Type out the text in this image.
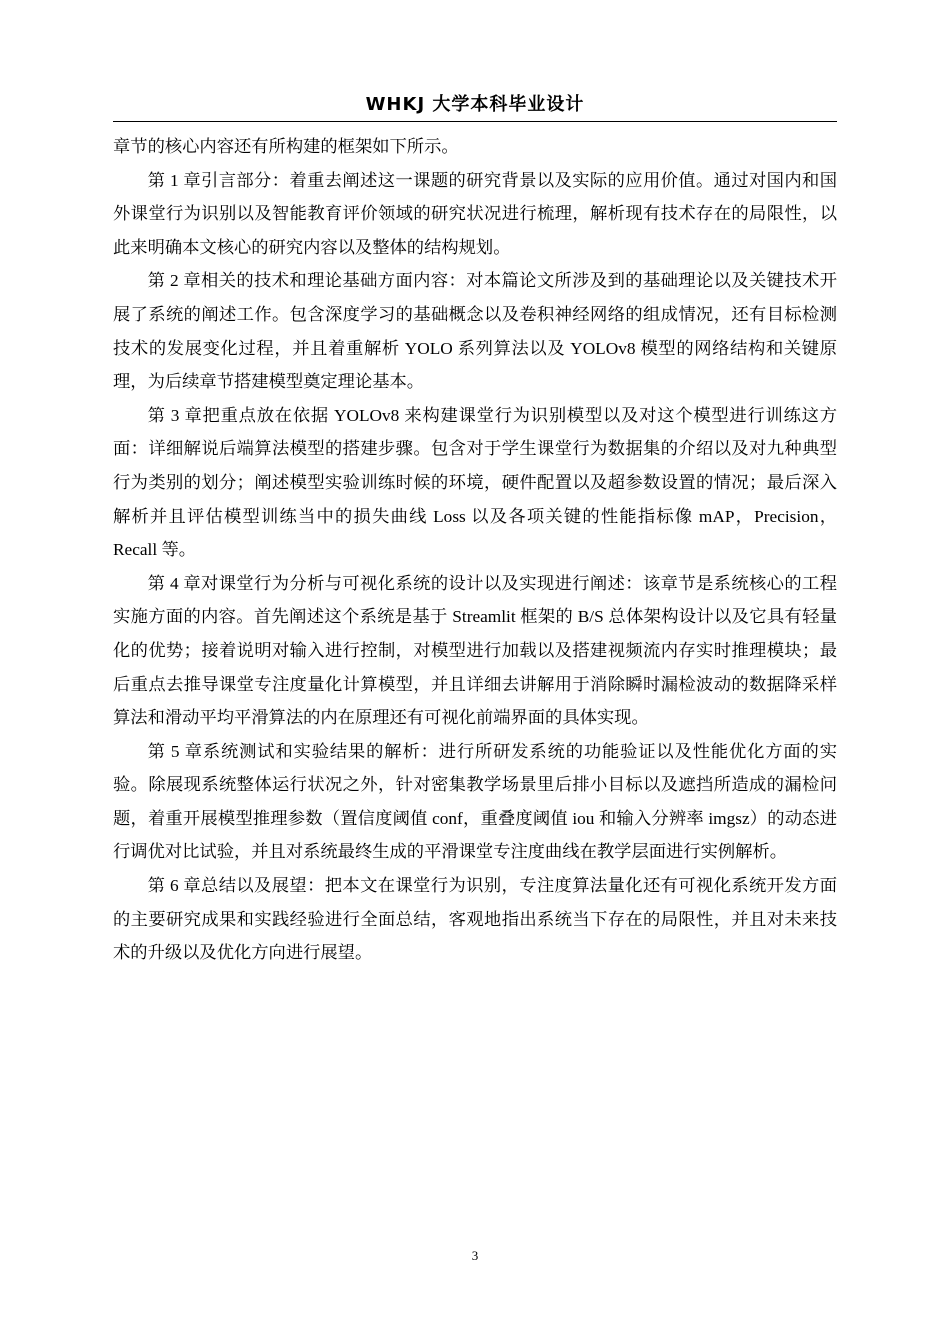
WHKJ 大学本科毕业设计

章节的核心内容还有所构建的框架如下所示。

第 1 章引言部分：着重去阐述这一课题的研究背景以及实际的应用价值。通过对国内和国外课堂行为识别以及智能教育评价领域的研究状况进行梳理，解析现有技术存在的局限性，以此来明确本文核心的研究内容以及整体的结构规划。

第 2 章相关的技术和理论基础方面内容：对本篇论文所涉及到的基础理论以及关键技术开展了系统的阐述工作。包含深度学习的基础概念以及卷积神经网络的组成情况，还有目标检测技术的发展变化过程，并且着重解析 YOLO 系列算法以及 YOLOv8 模型的网络结构和关键原理，为后续章节搭建模型奠定理论基本。

第 3 章把重点放在依据 YOLOv8 来构建课堂行为识别模型以及对这个模型进行训练这方面：详细解说后端算法模型的搭建步骤。包含对于学生课堂行为数据集的介绍以及对九种典型行为类别的划分；阐述模型实验训练时候的环境，硬件配置以及超参数设置的情况；最后深入解析并且评估模型训练当中的损失曲线 Loss 以及各项关键的性能指标像 mAP，Precision，Recall 等。

第 4 章对课堂行为分析与可视化系统的设计以及实现进行阐述：该章节是系统核心的工程实施方面的内容。首先阐述这个系统是基于 Streamlit 框架的 B/S 总体架构设计以及它具有轻量化的优势；接着说明对输入进行控制，对模型进行加载以及搭建视频流内存实时推理模块；最后重点去推导课堂专注度量化计算模型，并且详细去讲解用于消除瞬时漏检波动的数据降采样算法和滑动平均平滑算法的内在原理还有可视化前端界面的具体实现。

第 5 章系统测试和实验结果的解析：进行所研发系统的功能验证以及性能优化方面的实验。除展现系统整体运行状况之外，针对密集教学场景里后排小目标以及遮挡所造成的漏检问题，着重开展模型推理参数（置信度阈值 conf，重叠度阈值 iou 和输入分辨率 imgsz）的动态进行调优对比试验，并且对系统最终生成的平滑课堂专注度曲线在教学层面进行实例解析。

第 6 章总结以及展望：把本文在课堂行为识别，专注度算法量化还有可视化系统开发方面的主要研究成果和实践经验进行全面总结，客观地指出系统当下存在的局限性，并且对未来技术的升级以及优化方向进行展望。

3
